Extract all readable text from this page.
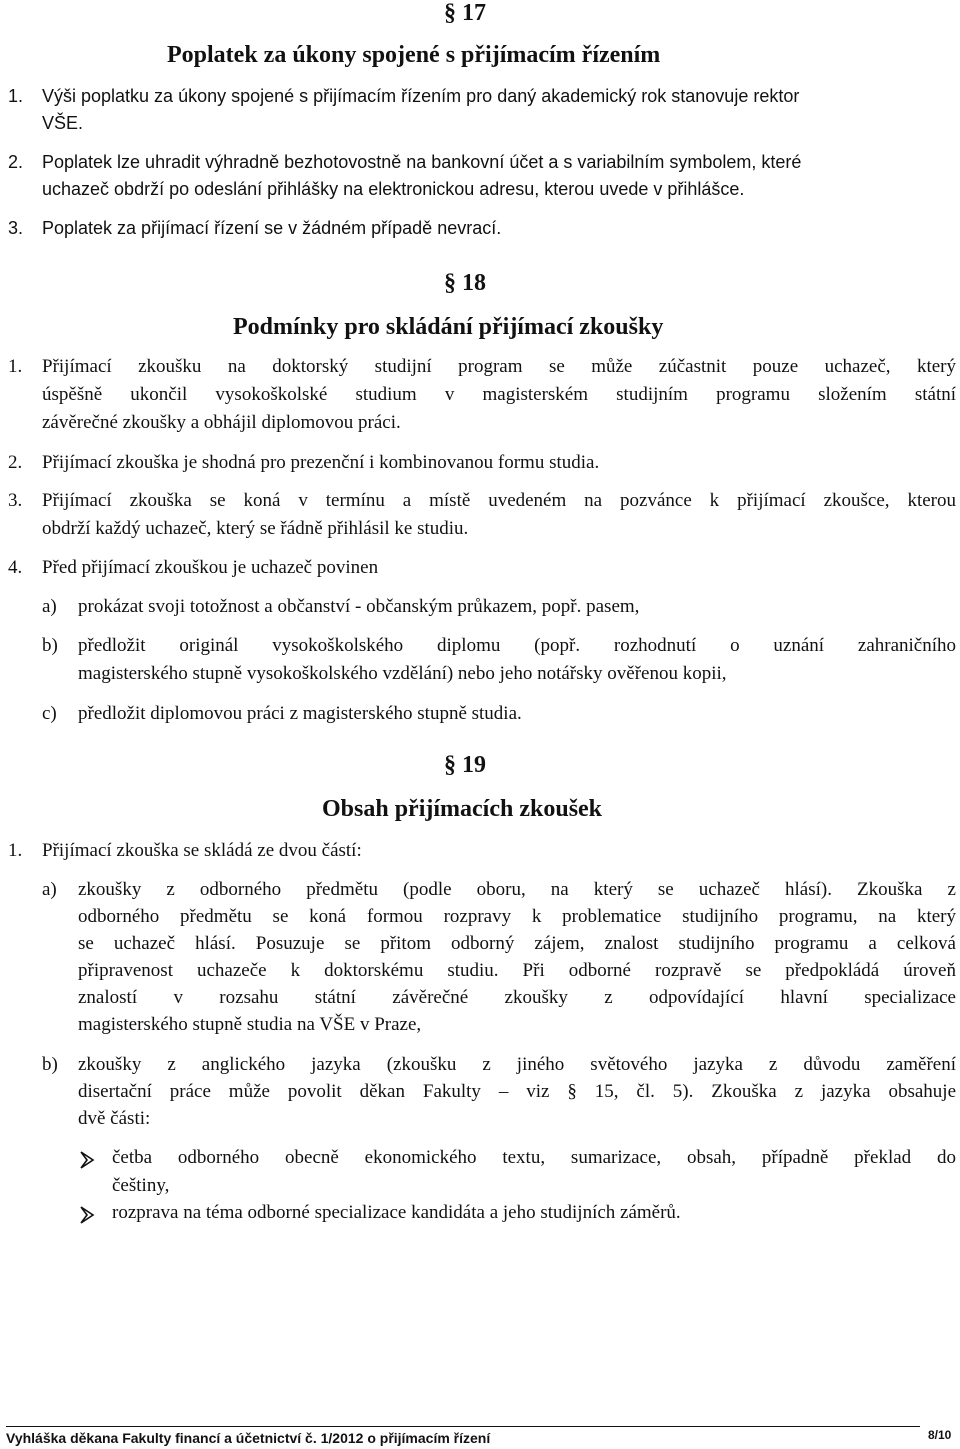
§ 17
Poplatek za úkony spojené s přijímacím řízením
1. Výši poplatku za úkony spojené s přijímacím řízením pro daný akademický rok stanovuje rektor
VŠE.
2. Poplatek lze uhradit výhradně bezhotovostně na bankovní účet a s variabilním symbolem, které
uchazeč obdrží po odeslání přihlášky na elektronickou adresu, kterou uvede v přihlášce.
3. Poplatek za přijímací řízení se v žádném případě nevrací.
§ 18
Podmínky pro skládání přijímací zkoušky
1. Přijímací zkoušku na doktorský studijní program se může zúčastnit pouze uchazeč, který
úspěšně ukončil vysokoškolské studium v magisterském studijním programu složením státní
závěrečné zkoušky a obhájil diplomovou práci.
2. Přijímací zkouška je shodná pro prezenční i kombinovanou formu studia.
3. Přijímací zkouška se koná v termínu a místě uvedeném na pozvánce k přijímací zkoušce, kterou
obdrží každý uchazeč, který se řádně přihlásil ke studiu.
4. Před přijímací zkouškou je uchazeč povinen
a) prokázat svoji totožnost a občanství - občanským průkazem, popř. pasem,
b) předložit originál vysokoškolského diplomu (popř. rozhodnutí o uznání zahraničního
magisterského stupně vysokoškolského vzdělání) nebo jeho notářsky ověřenou kopii,
c) předložit diplomovou práci z magisterského stupně studia.
§ 19
Obsah přijímacích zkoušek
1. Přijímací zkouška se skládá ze dvou částí:
a) zkoušky z odborného předmětu (podle oboru, na který se uchazeč hlásí). Zkouška z
odborného předmětu se koná formou rozpravy k problematice studijního programu, na který
se uchazeč hlásí. Posuzuje se přitom odborný zájem, znalost studijního programu a celková
připravenost uchazeče k doktorskému studiu. Při odborné rozpravě se předpokládá úroveň
znalostí v rozsahu státní závěrečné zkoušky z odpovídající hlavní specializace
magisterského stupně studia na VŠE v Praze,
b) zkoušky z anglického jazyka (zkoušku z jiného světového jazyka z důvodu zaměření
disertační práce může povolit děkan Fakulty – viz § 15, čl. 5). Zkouška z jazyka obsahuje
dvě části:
četba odborného obecně ekonomického textu, sumarizace, obsah, případně překlad do
češtiny,
rozprava na téma odborné specializace kandidáta a jeho studijních záměrů.
Vyhláška děkana Fakulty financí a účetnictví č. 1/2012 o přijímacím řízení	8/10
